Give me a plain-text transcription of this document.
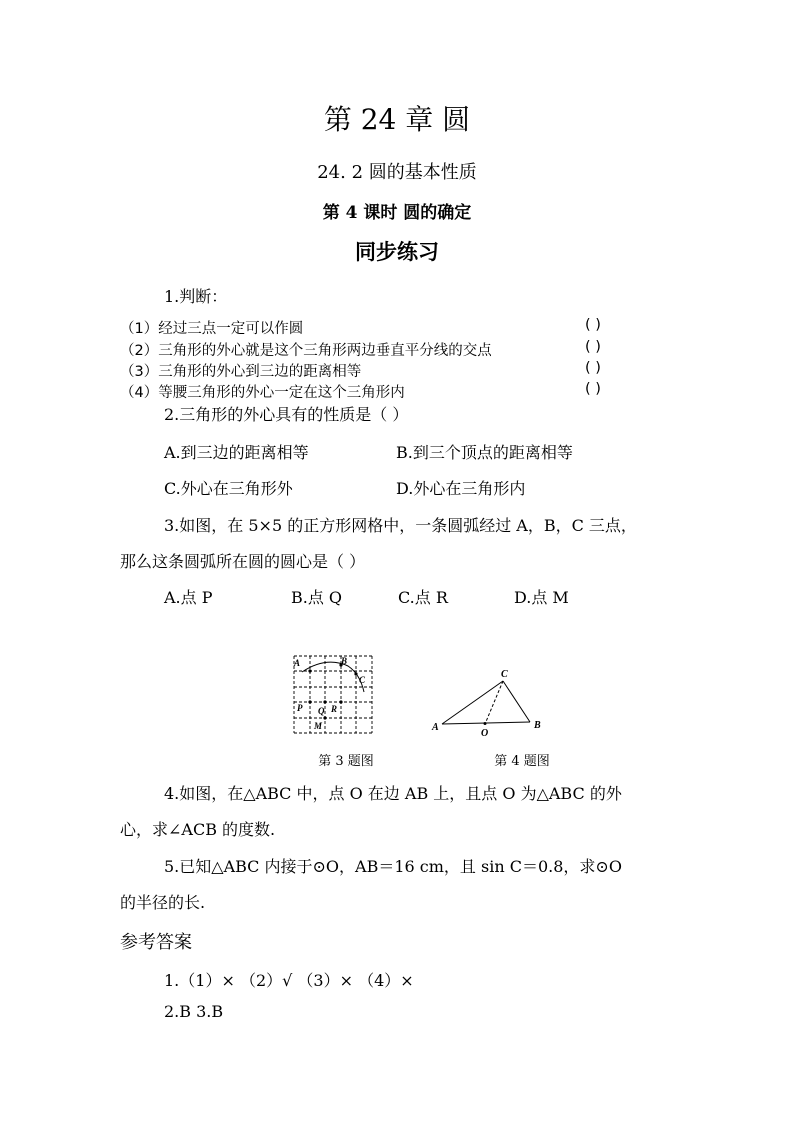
第 24 章 圆
24. 2 圆的基本性质
第 4 课时 圆的确定
同步练习
1.判断：
（1）经过三点一定可以作圆	( )
（2）三角形的外心就是这个三角形两边垂直平分线的交点	( )
（3）三角形的外心到三边的距离相等	( )
（4）等腰三角形的外心一定在这个三角形内	( )
2.三角形的外心具有的性质是（ ）
A.到三边的距离相等	B.到三个顶点的距离相等
C.外心在三角形外	D.外心在三角形内
3.如图，在 5×5 的正方形网格中，一条圆弧经过 A，B，C 三点，
那么这条圆弧所在圆的圆心是（ ）
A.点 P	B.点 Q	C.点 R	D.点 M
A	B
C
P Q R
M
第 3 题图
A	B
C
O
第 4 题图
4.如图，在△ABC 中，点 O 在边 AB 上，且点 O 为△ABC 的外
心，求∠ACB 的度数.
5.已知△ABC 内接于⊙O，AB＝16 cm，且 sin C＝0.8，求⊙O
的半径的长.
参考答案
1.（1）× （2）√ （3）× （4）×
2.B 3.B
